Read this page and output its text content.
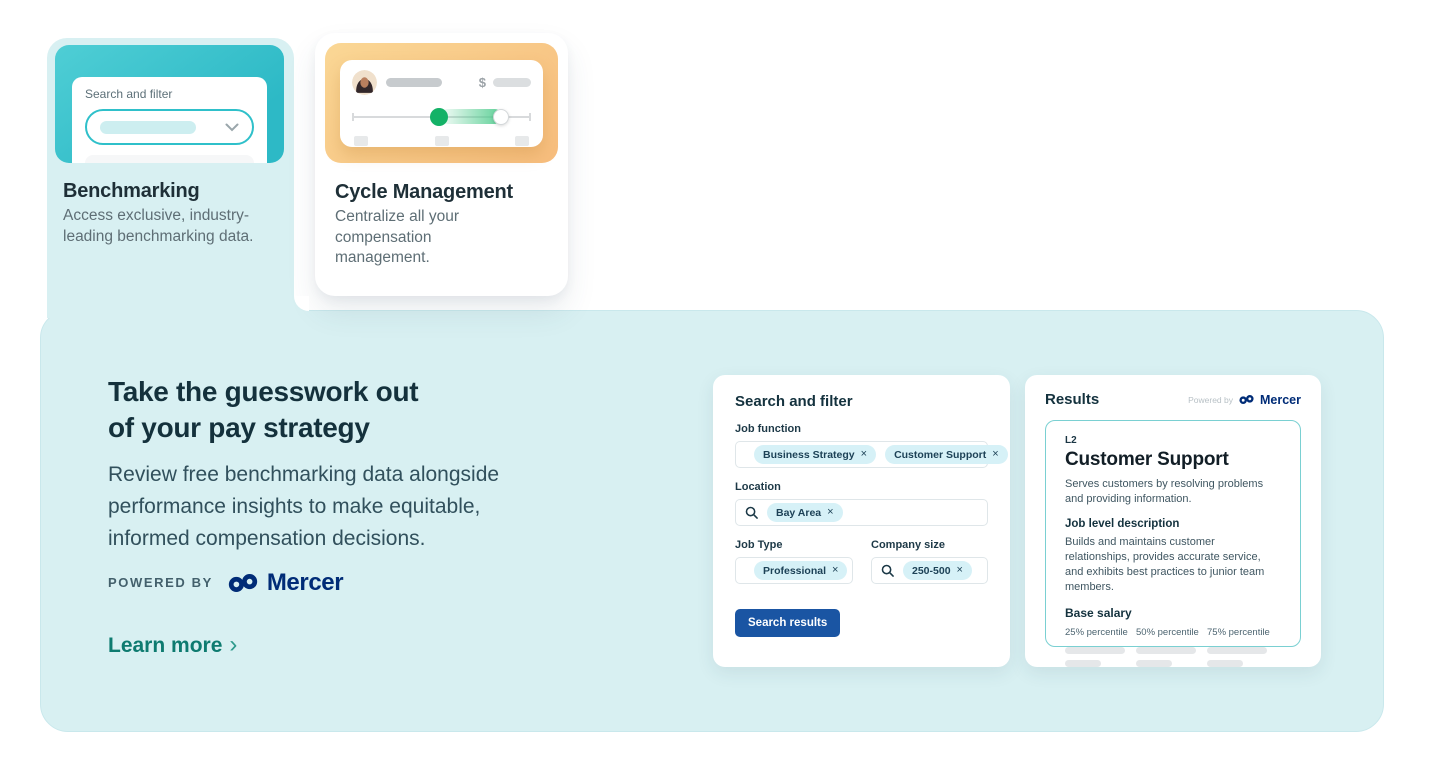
Search and filter
Benchmarking
Access exclusive, industry-leading benchmarking data.
$
Cycle Management
Centralize all your compensation management.
Take the guesswork out
of your pay strategy
Review free benchmarking data alongside
performance insights to make equitable,
informed compensation decisions.
POWERED BY Mercer
Learn more ›
Search and filter
Job function
Business Strategy ×	Customer Support ×
Location
Bay Area ×
Job Type
Professional ×
Company size
250-500 ×
Search results
Results	Powered by Mercer
L2
Customer Support
Serves customers by resolving problems and providing information.
Job level description
Builds and maintains customer relationships, provides accurate service, and exhibits best practices to junior team members.
Base salary
25% percentile 50% percentile 75% percentile
